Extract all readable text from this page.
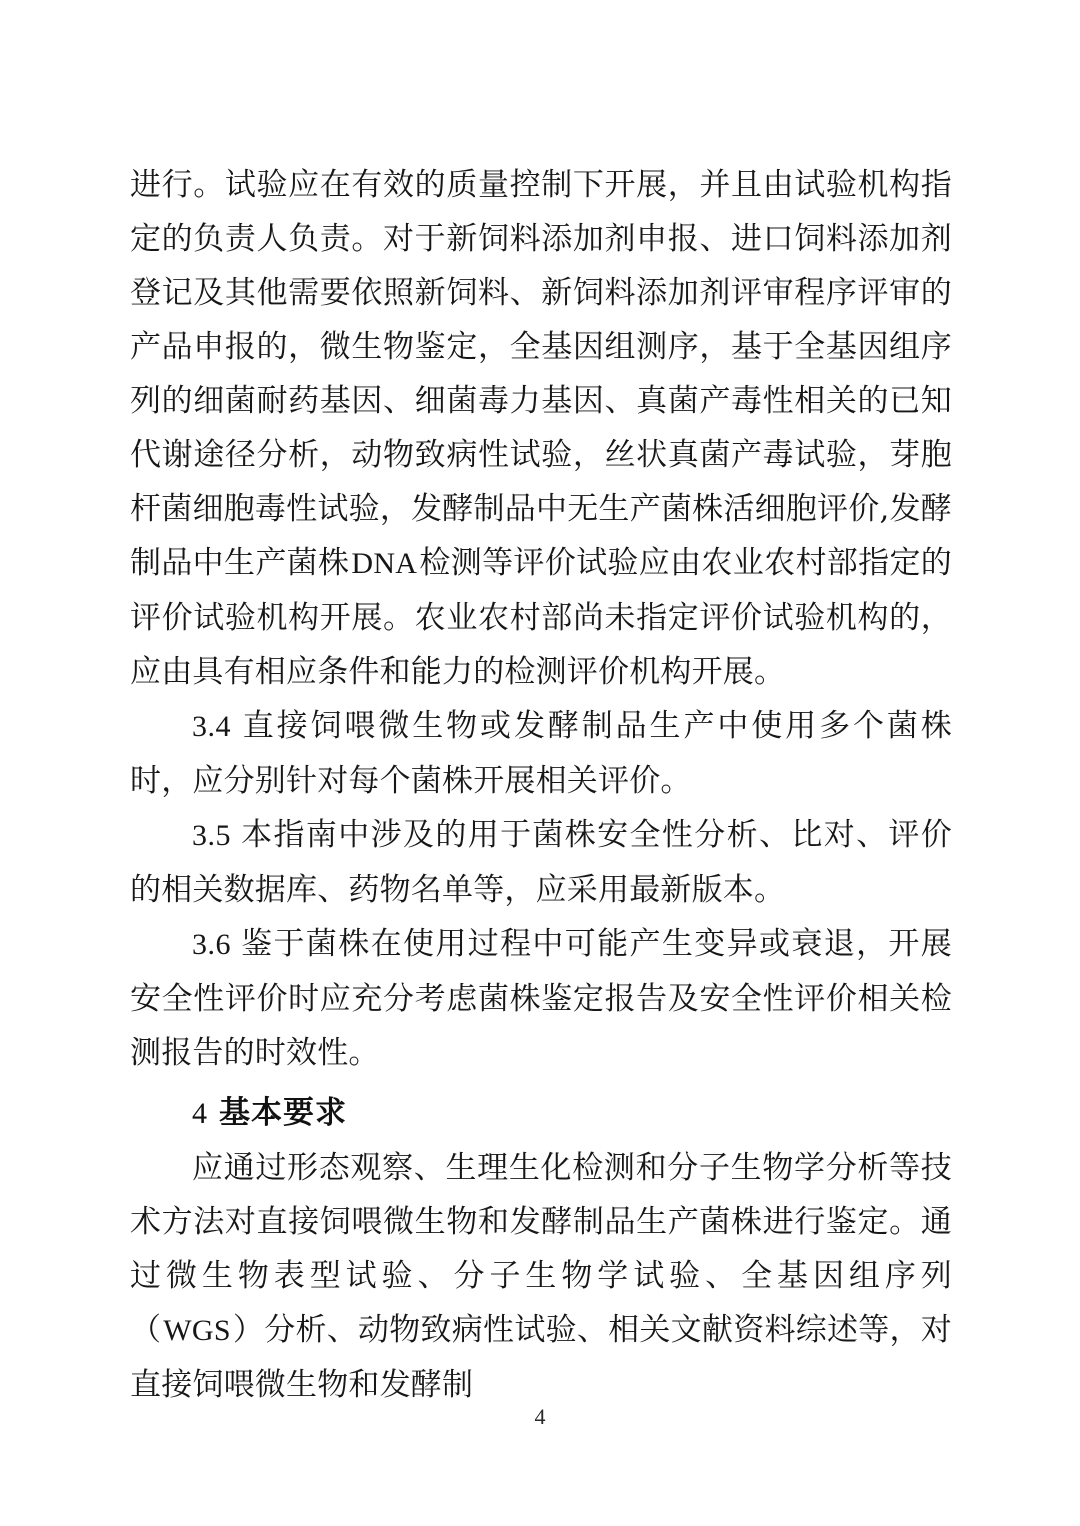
进行。试验应在有效的质量控制下开展，并且由试验机构指定的负责人负责。对于新饲料添加剂申报、进口饲料添加剂登记及其他需要依照新饲料、新饲料添加剂评审程序评审的产品申报的，微生物鉴定，全基因组测序，基于全基因组序列的细菌耐药基因、细菌毒力基因、真菌产毒性相关的已知代谢途径分析，动物致病性试验，丝状真菌产毒试验，芽胞杆菌细胞毒性试验，发酵制品中无生产菌株活细胞评价,发酵制品中生产菌株DNA检测等评价试验应由农业农村部指定的评价试验机构开展。农业农村部尚未指定评价试验机构的，应由具有相应条件和能力的检测评价机构开展。

3.4 直接饲喂微生物或发酵制品生产中使用多个菌株时，应分别针对每个菌株开展相关评价。

3.5 本指南中涉及的用于菌株安全性分析、比对、评价的相关数据库、药物名单等，应采用最新版本。

3.6 鉴于菌株在使用过程中可能产生变异或衰退，开展安全性评价时应充分考虑菌株鉴定报告及安全性评价相关检测报告的时效性。

4 基本要求

应通过形态观察、生理生化检测和分子生物学分析等技术方法对直接饲喂微生物和发酵制品生产菌株进行鉴定。通过微生物表型试验、分子生物学试验、全基因组序列（WGS）分析、动物致病性试验、相关文献资料综述等，对直接饲喂微生物和发酵制

4
